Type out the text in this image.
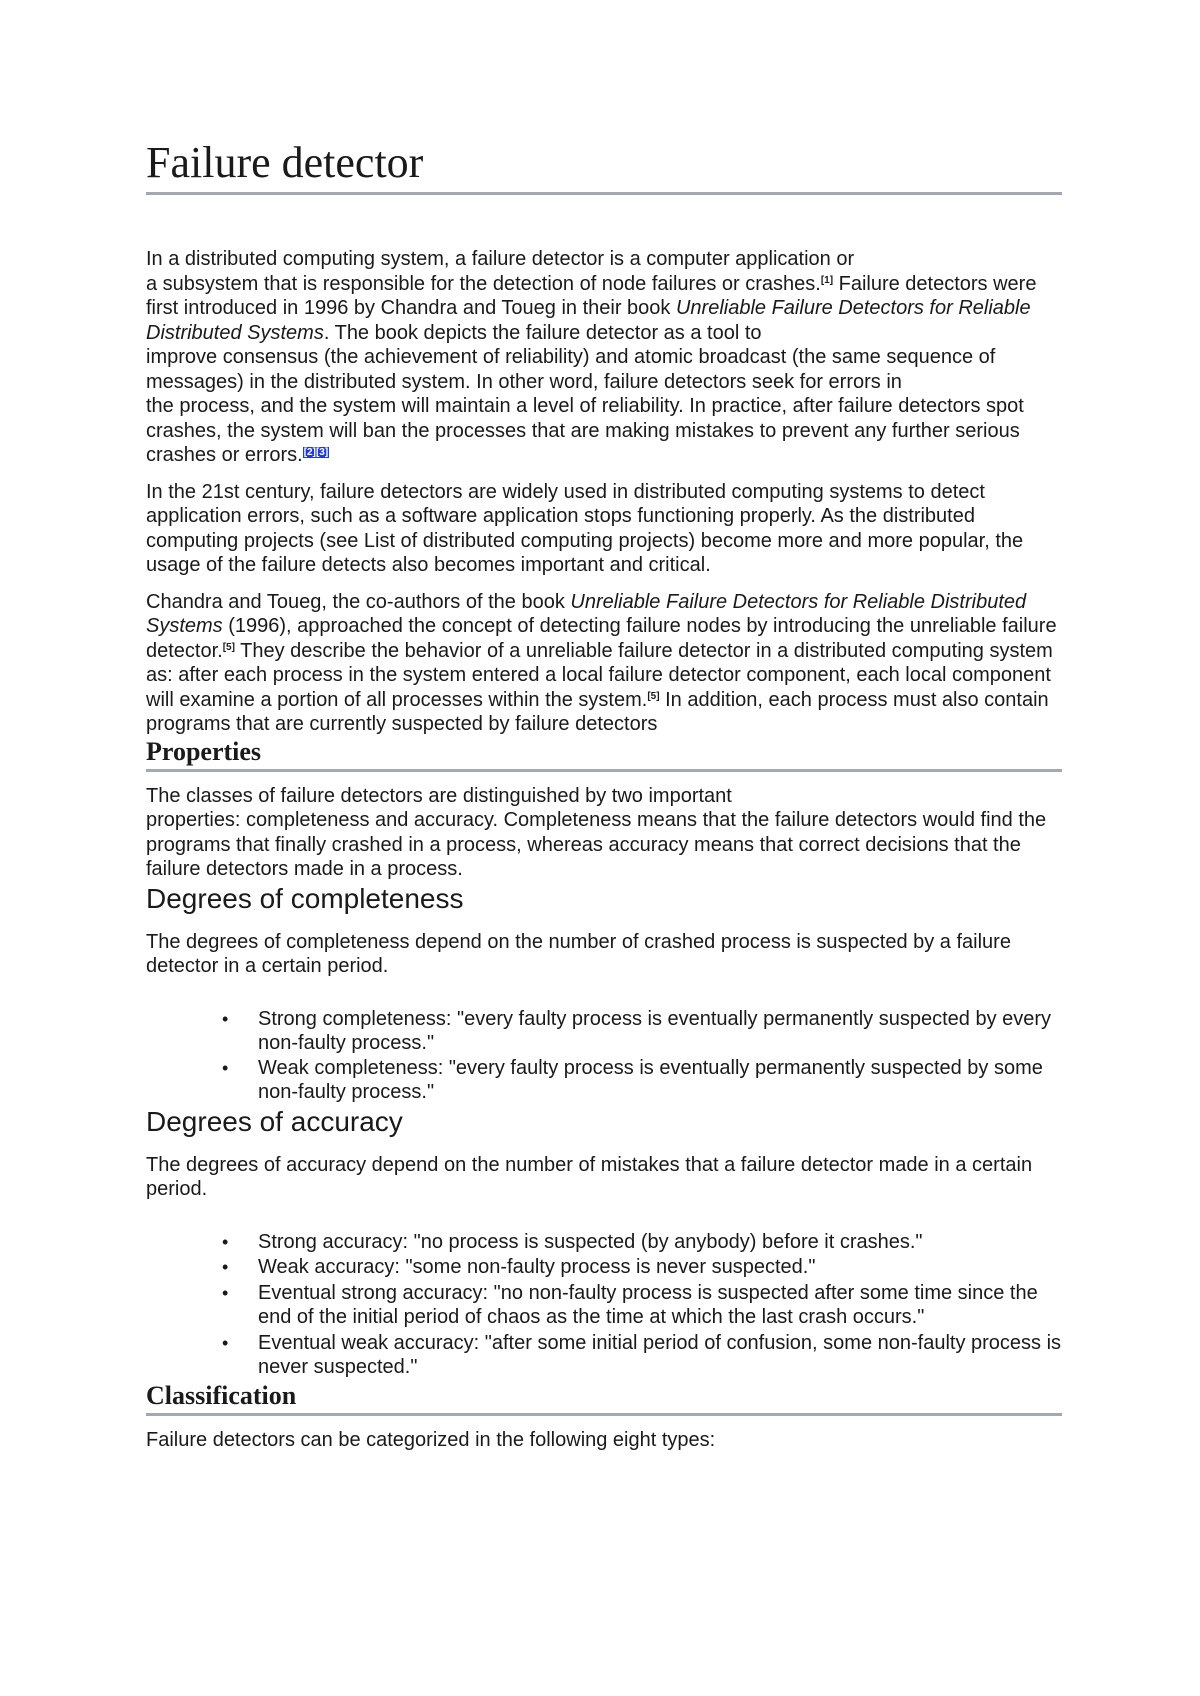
Failure detector

In a distributed computing system, a failure detector is a computer application or
a subsystem that is responsible for the detection of node failures or crashes.[1] Failure detectors were first introduced in 1996 by Chandra and Toueg in their book Unreliable Failure Detectors for Reliable Distributed Systems. The book depicts the failure detector as a tool to
improve consensus (the achievement of reliability) and atomic broadcast (the same sequence of messages) in the distributed system. In other word, failure detectors seek for errors in
the process, and the system will maintain a level of reliability. In practice, after failure detectors spot crashes, the system will ban the processes that are making mistakes to prevent any further serious crashes or errors.[2][3]

In the 21st century, failure detectors are widely used in distributed computing systems to detect application errors, such as a software application stops functioning properly. As the distributed computing projects (see List of distributed computing projects) become more and more popular, the usage of the failure detects also becomes important and critical.

Chandra and Toueg, the co-authors of the book Unreliable Failure Detectors for Reliable Distributed Systems (1996), approached the concept of detecting failure nodes by introducing the unreliable failure detector.[5] They describe the behavior of a unreliable failure detector in a distributed computing system as: after each process in the system entered a local failure detector component, each local component will examine a portion of all processes within the system.[5] In addition, each process must also contain programs that are currently suspected by failure detectors

Properties

The classes of failure detectors are distinguished by two important
properties: completeness and accuracy. Completeness means that the failure detectors would find the programs that finally crashed in a process, whereas accuracy means that correct decisions that the failure detectors made in a process.

Degrees of completeness

The degrees of completeness depend on the number of crashed process is suspected by a failure detector in a certain period.

• Strong completeness: "every faulty process is eventually permanently suspected by every non-faulty process."
• Weak completeness: "every faulty process is eventually permanently suspected by some non-faulty process."
Degrees of accuracy

The degrees of accuracy depend on the number of mistakes that a failure detector made in a certain period.

• Strong accuracy: "no process is suspected (by anybody) before it crashes."
• Weak accuracy: "some non-faulty process is never suspected."
• Eventual strong accuracy: "no non-faulty process is suspected after some time since the end of the initial period of chaos as the time at which the last crash occurs."
• Eventual weak accuracy: "after some initial period of confusion, some non-faulty process is never suspected."
Classification

Failure detectors can be categorized in the following eight types:
